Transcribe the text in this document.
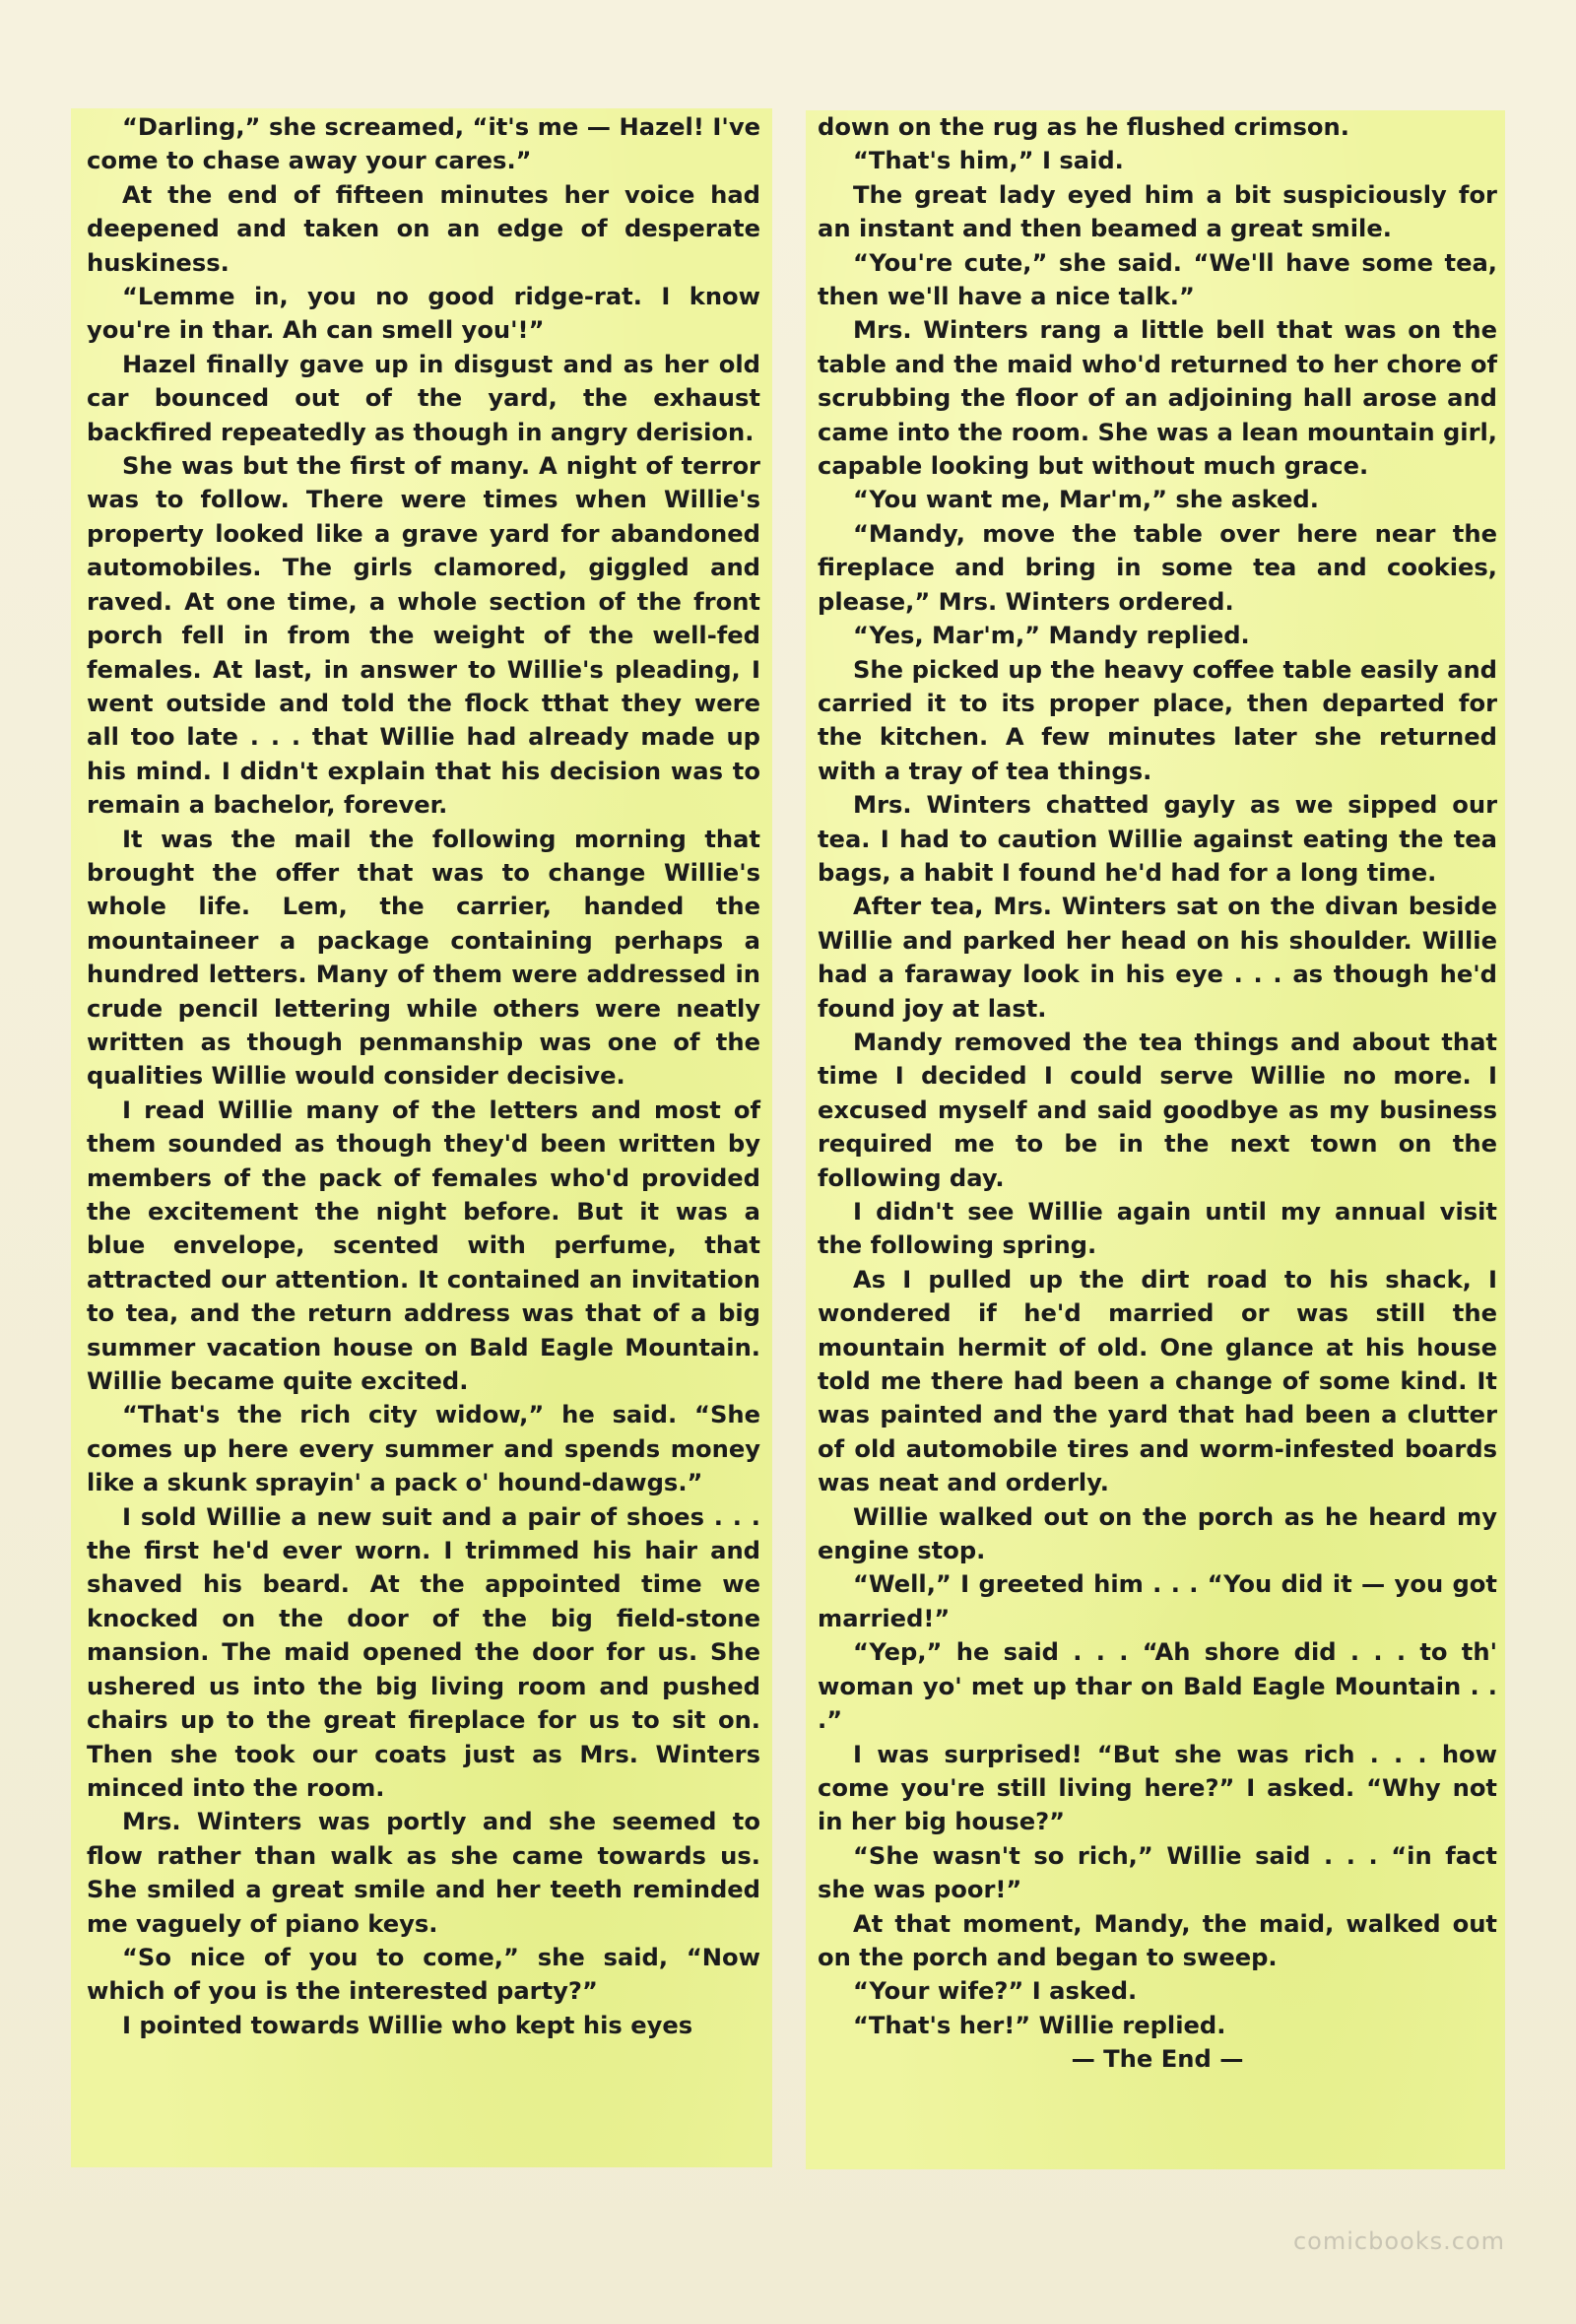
“Darling,” she screamed, “it's me — Hazel! I've come to chase away your cares.”

At the end of fifteen minutes her voice had deepened and taken on an edge of desperate huskiness.

“Lemme in, you no good ridge-rat. I know you're in thar. Ah can smell you'!”

Hazel finally gave up in disgust and as her old car bounced out of the yard, the exhaust backfired repeatedly as though in angry derision.

She was but the first of many. A night of terror was to follow. There were times when Willie's property looked like a grave yard for abandoned automobiles. The girls clamored, giggled and raved. At one time, a whole section of the front porch fell in from the weight of the well-fed females. At last, in answer to Willie's pleading, I went outside and told the flock tthat they were all too late . . . that Willie had already made up his mind. I didn't explain that his decision was to remain a bachelor, forever.

It was the mail the following morning that brought the offer that was to change Willie's whole life. Lem, the carrier, handed the mountaineer a package containing perhaps a hundred letters. Many of them were addressed in crude pencil lettering while others were neatly written as though penmanship was one of the qualities Willie would consider decisive.

I read Willie many of the letters and most of them sounded as though they'd been written by members of the pack of females who'd provided the excitement the night before. But it was a blue envelope, scented with perfume, that attracted our attention. It contained an invitation to tea, and the return address was that of a big summer vacation house on Bald Eagle Mountain. Willie became quite excited.

“That's the rich city widow,” he said. “She comes up here every summer and spends money like a skunk sprayin' a pack o' hound-dawgs.”

I sold Willie a new suit and a pair of shoes . . . the first he'd ever worn. I trimmed his hair and shaved his beard. At the appointed time we knocked on the door of the big field-stone mansion. The maid opened the door for us. She ushered us into the big living room and pushed chairs up to the great fireplace for us to sit on. Then she took our coats just as Mrs. Winters minced into the room.

Mrs. Winters was portly and she seemed to flow rather than walk as she came towards us. She smiled a great smile and her teeth reminded me vaguely of piano keys.

“So nice of you to come,” she said, “Now which of you is the interested party?”

I pointed towards Willie who kept his eyes

down on the rug as he flushed crimson.

“That's him,” I said.

The great lady eyed him a bit suspiciously for an instant and then beamed a great smile.

“You're cute,” she said. “We'll have some tea, then we'll have a nice talk.”

Mrs. Winters rang a little bell that was on the table and the maid who'd returned to her chore of scrubbing the floor of an adjoining hall arose and came into the room. She was a lean mountain girl, capable looking but without much grace.

“You want me, Mar'm,” she asked.

“Mandy, move the table over here near the fireplace and bring in some tea and cookies, please,” Mrs. Winters ordered.

“Yes, Mar'm,” Mandy replied.

She picked up the heavy coffee table easily and carried it to its proper place, then departed for the kitchen. A few minutes later she returned with a tray of tea things.

Mrs. Winters chatted gayly as we sipped our tea. I had to caution Willie against eating the tea bags, a habit I found he'd had for a long time.

After tea, Mrs. Winters sat on the divan beside Willie and parked her head on his shoulder. Willie had a faraway look in his eye . . . as though he'd found joy at last.

Mandy removed the tea things and about that time I decided I could serve Willie no more. I excused myself and said goodbye as my business required me to be in the next town on the following day.

I didn't see Willie again until my annual visit the following spring.

As I pulled up the dirt road to his shack, I wondered if he'd married or was still the mountain hermit of old. One glance at his house told me there had been a change of some kind. It was painted and the yard that had been a clutter of old automobile tires and worm-infested boards was neat and orderly.

Willie walked out on the porch as he heard my engine stop.

“Well,” I greeted him . . . “You did it — you got married!”

“Yep,” he said . . . “Ah shore did . . . to th' woman yo' met up thar on Bald Eagle Mountain . . .”

I was surprised! “But she was rich . . . how come you're still living here?” I asked. “Why not in her big house?”

“She wasn't so rich,” Willie said . . . “in fact she was poor!”

At that moment, Mandy, the maid, walked out on the porch and began to sweep.

“Your wife?” I asked.

“That's her!” Willie replied.

— The End —

comicbooks.com
